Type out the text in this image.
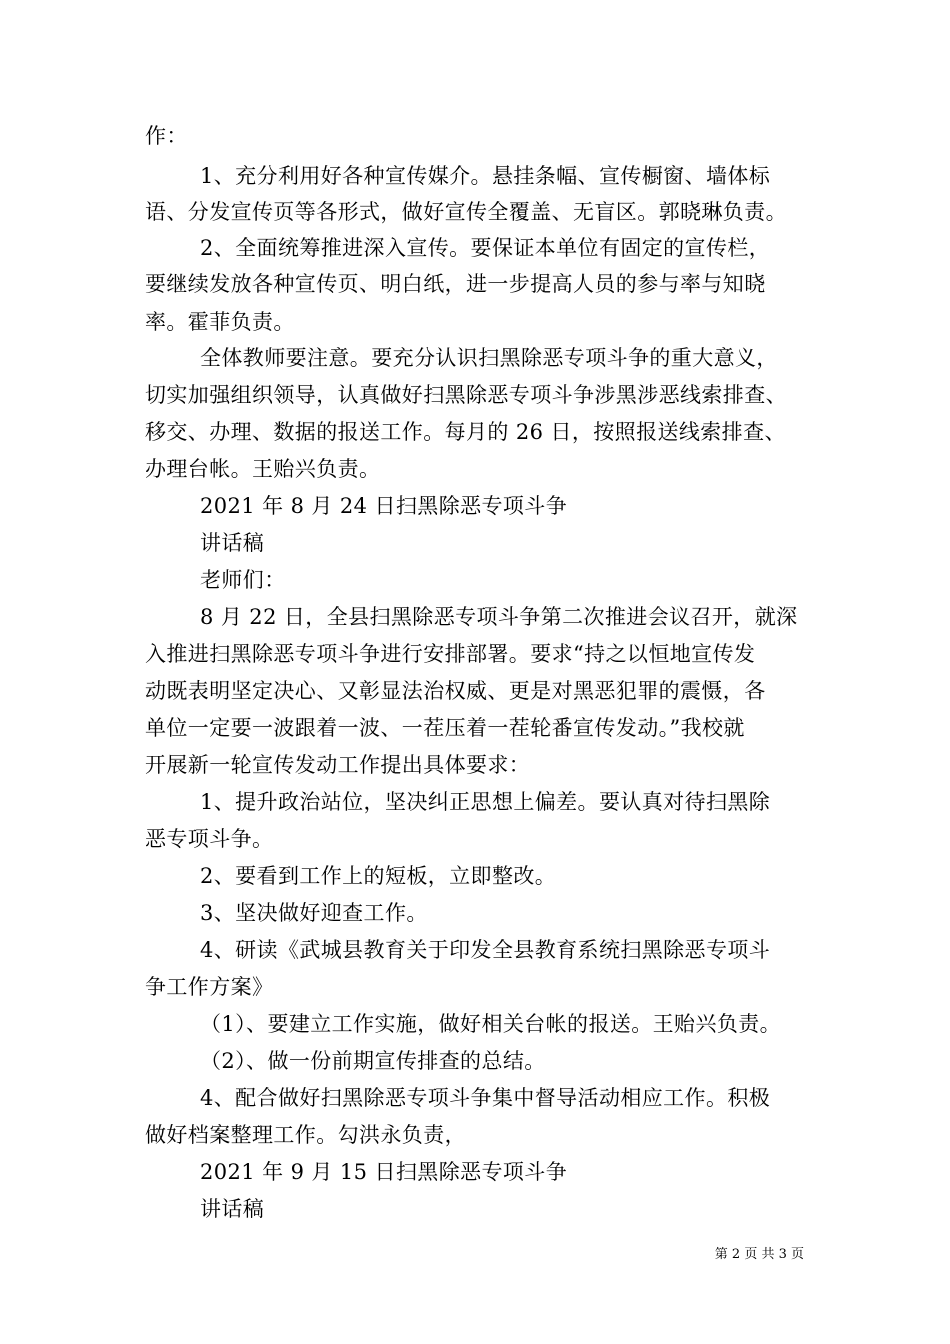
作：
1、充分利用好各种宣传媒介。悬挂条幅、宣传橱窗、墙体标
语、分发宣传页等各形式，做好宣传全覆盖、无盲区。郭晓琳负责。
2、全面统筹推进深入宣传。要保证本单位有固定的宣传栏，
要继续发放各种宣传页、明白纸，进一步提高人员的参与率与知晓
率。霍菲负责。
全体教师要注意。要充分认识扫黑除恶专项斗争的重大意义，
切实加强组织领导，认真做好扫黑除恶专项斗争涉黑涉恶线索排查、
移交、办理、数据的报送工作。每月的 26 日，按照报送线索排查、
办理台帐。王贻兴负责。
2021 年 8 月 24 日扫黑除恶专项斗争
讲话稿
老师们：
8 月 22 日，全县扫黑除恶专项斗争第二次推进会议召开，就深
入推进扫黑除恶专项斗争进行安排部署。要求“持之以恒地宣传发
动既表明坚定决心、又彰显法治权威、更是对黑恶犯罪的震慑，各
单位一定要一波跟着一波、一茬压着一茬轮番宣传发动。”我校就
开展新一轮宣传发动工作提出具体要求：
1、提升政治站位，坚决纠正思想上偏差。要认真对待扫黑除
恶专项斗争。
2、要看到工作上的短板，立即整改。
3、坚决做好迎查工作。
4、研读《武城县教育关于印发全县教育系统扫黑除恶专项斗
争工作方案》
（1）、要建立工作实施，做好相关台帐的报送。王贻兴负责。
（2）、做一份前期宣传排查的总结。
4、配合做好扫黑除恶专项斗争集中督导活动相应工作。积极
做好档案整理工作。勾洪永负责，
2021 年 9 月 15 日扫黑除恶专项斗争
讲话稿
第 2 页 共 3 页
